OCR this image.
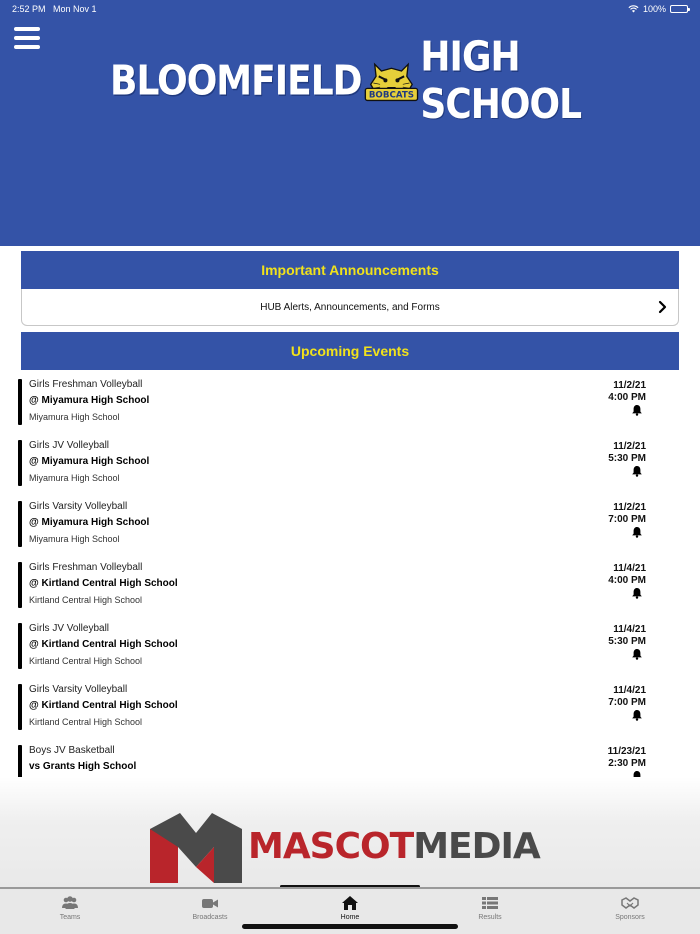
2:52 PM Mon Nov 1	100%
BLOOMFIELD BOBCATS
HIGH SCHOOL
Important Announcements
HUB Alerts, Announcements, and Forms
Upcoming Events
Girls Freshman Volleyball
@ Miyamura High School
Miyamura High School
11/2/21
4:00 PM
Girls JV Volleyball
@ Miyamura High School
Miyamura High School
11/2/21
5:30 PM
Girls Varsity Volleyball
@ Miyamura High School
Miyamura High School
11/2/21
7:00 PM
Girls Freshman Volleyball
@ Kirtland Central High School
Kirtland Central High School
11/4/21
4:00 PM
Girls JV Volleyball
@ Kirtland Central High School
Kirtland Central High School
11/4/21
5:30 PM
Girls Varsity Volleyball
@ Kirtland Central High School
Kirtland Central High School
11/4/21
7:00 PM
Boys JV Basketball
vs Grants High School
11/23/21
2:30 PM
MASCOTMEDIA
Teams	Broadcasts	Home	Results	Sponsors
